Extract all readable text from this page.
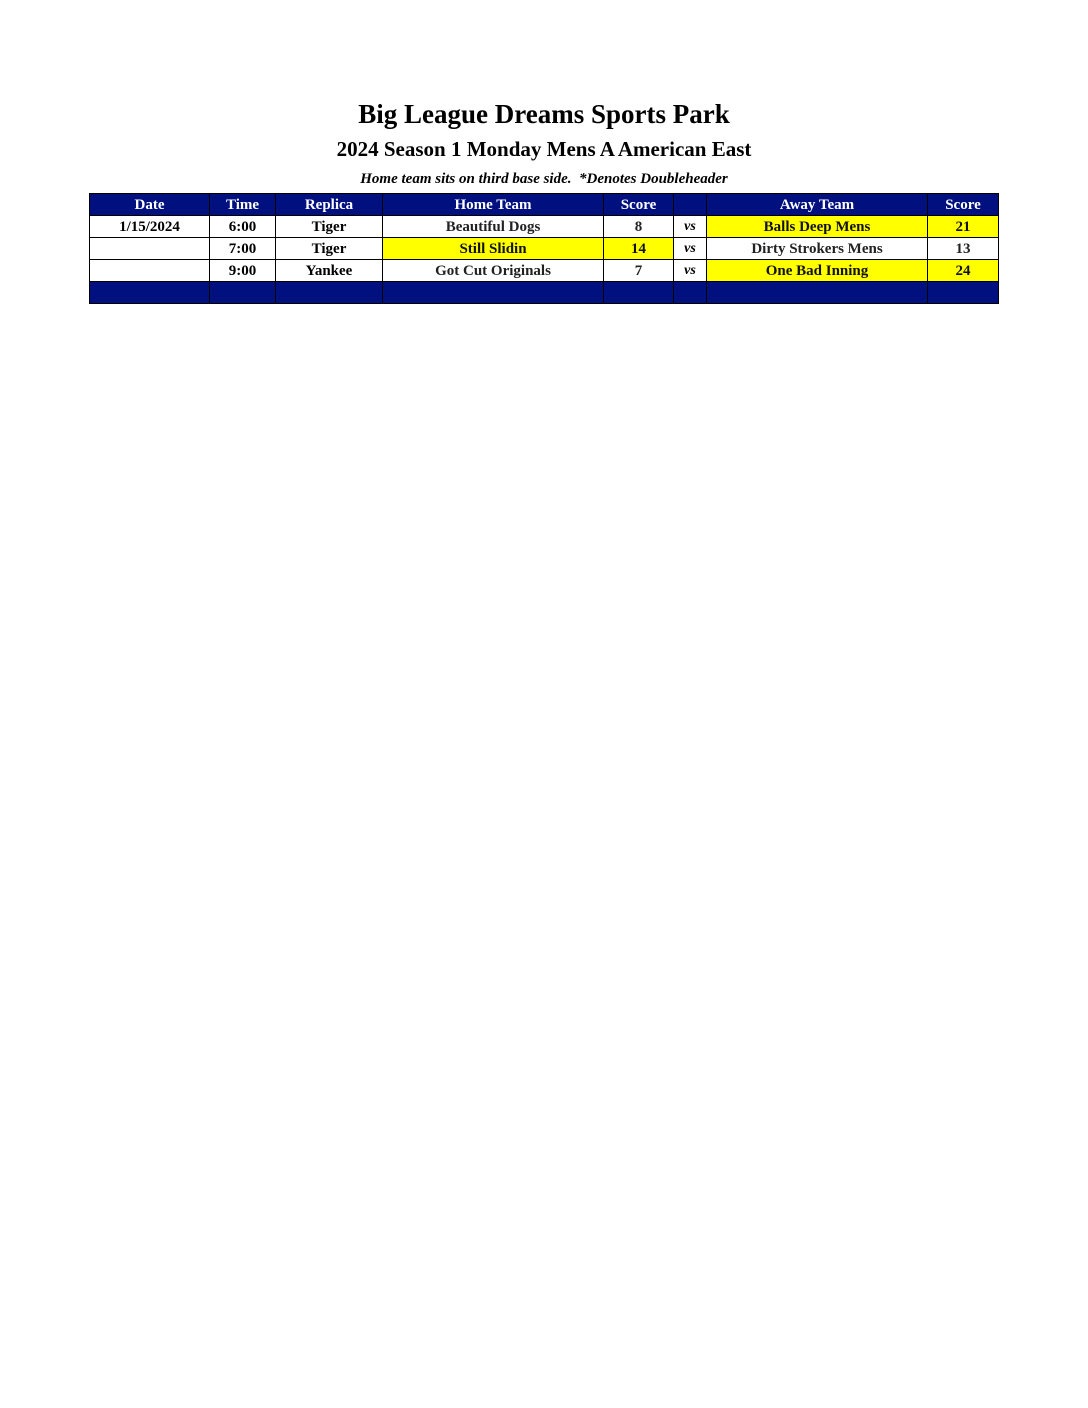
Big League Dreams Sports Park
2024 Season 1 Monday Mens A American East
Home team sits on third base side.  *Denotes Doubleheader
Date	Time	Replica	Home Team	Score		Away Team	Score
1/15/2024	6:00	Tiger	Beautiful Dogs	8	vs	Balls Deep Mens	21
	7:00	Tiger	Still Slidin	14	vs	Dirty Strokers Mens	13
	9:00	Yankee	Got Cut Originals	7	vs	One Bad Inning	24
